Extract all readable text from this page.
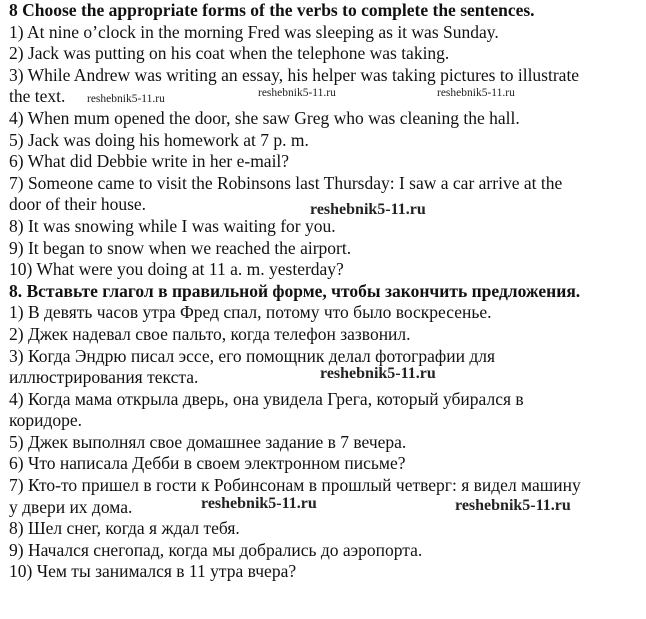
8 Choose the appropriate forms of the verbs to complete the sentences.
1) At nine o’clock in the morning Fred was sleeping as it was Sunday.
2) Jack was putting on his coat when the telephone was taking.
3) While Andrew was writing an essay, his helper was taking pictures to illustrate
the text.
4) When mum opened the door, she saw Greg who was cleaning the hall.
5) Jack was doing his homework at 7 p. m.
6) What did Debbie write in her e-mail?
7) Someone came to visit the Robinsons last Thursday: I saw a car arrive at the
door of their house.
8) It was snowing while I was waiting for you.
9) It began to snow when we reached the airport.
10) What were you doing at 11 a. m. yesterday?
8. Вставьте глагол в правильной форме, чтобы закончить предложения.
1) В девять часов утра Фред спал, потому что было воскресенье.
2) Джек надевал свое пальто, когда телефон зазвонил.
3) Когда Эндрю писал эссе, его помощник делал фотографии для
иллюстрирования текста.
4) Когда мама открыла дверь, она увидела Грега, который убирался в
коридоре.
5) Джек выполнял свое домашнее задание в 7 вечера.
6) Что написала Дебби в своем электронном письме?
7) Кто-то пришел в гости к Робинсонам в прошлый четверг: я видел машину
у двери их дома.
8) Шел снег, когда я ждал тебя.
9) Начался снегопад, когда мы добрались до аэропорта.
10) Чем ты занимался в 11 утра вчера?
reshebnik5-11.ru	reshebnik5-11.ru	reshebnik5-11.ru
reshebnik5-11.ru
reshebnik5-11.ru
reshebnik5-11.ru	reshebnik5-11.ru
